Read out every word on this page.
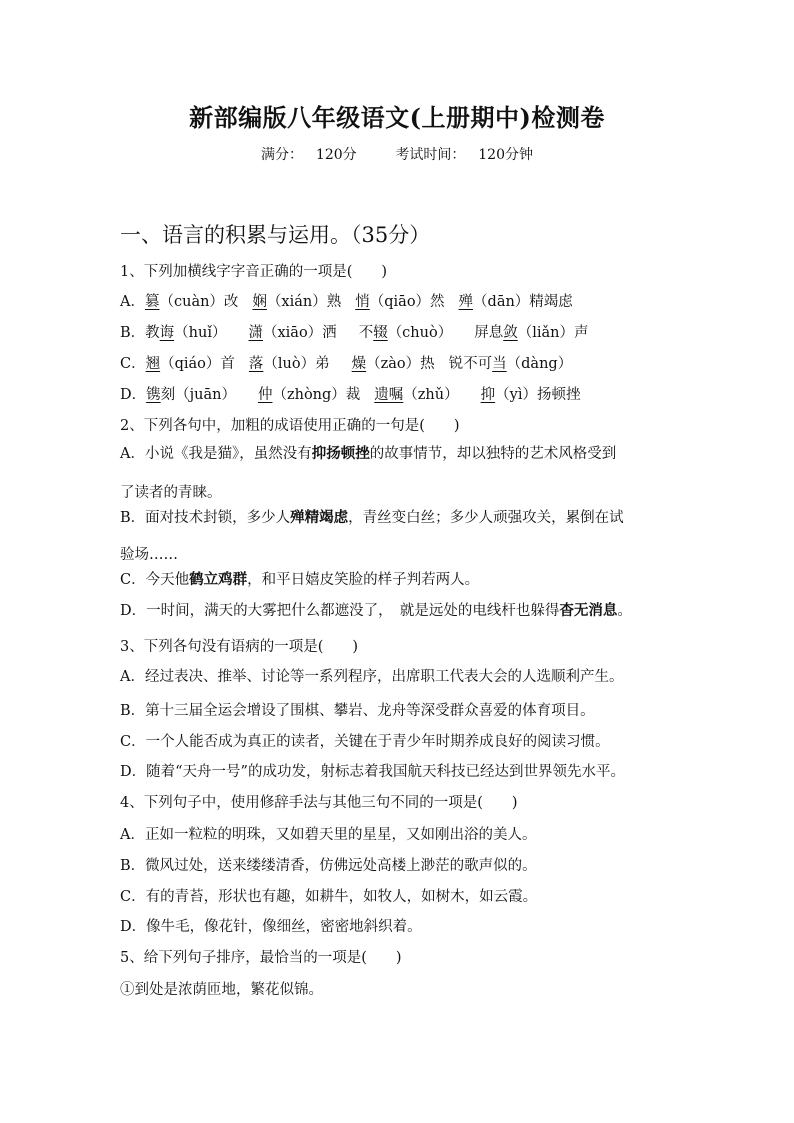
新部编版八年级语文(上册期中)检测卷
满分： 120分	考试时间： 120分钟
一、语言的积累与运用。（35分）
1、下列加横线字字音正确的一项是(　　)
A．篡（cuàn）改 娴（xián）熟 悄（qiāo）然 殚（dān）精竭虑
B．教诲（huǐ） 潇（xiāo）洒 不辍（chuò） 屏息敛（liǎn）声
C．翘（qiáo）首 落（luò）弟 燥（zào）热 锐不可当（dàng）
D．镌刻（juān） 仲（zhòng）裁 遗嘱（zhǔ） 抑（yì）扬顿挫
2、下列各句中，加粗的成语使用正确的一句是(　　)
A．小说《我是猫》，虽然没有抑扬顿挫的故事情节，却以独特的艺术风格受到
了读者的青睐。
B．面对技术封锁，多少人殚精竭虑，青丝变白丝；多少人顽强攻关，累倒在试
验场……
C．今天他鹤立鸡群，和平日嬉皮笑脸的样子判若两人。
D．一时间，满天的大雾把什么都遮没了，　就是远处的电线杆也躲得杳无消息。
3、下列各句没有语病的一项是(　　)
A．经过表决、推举、讨论等一系列程序，出席职工代表大会的人选顺利产生。
B．第十三届全运会增设了围棋、攀岩、龙舟等深受群众喜爱的体育项目。
C．一个人能否成为真正的读者，关键在于青少年时期养成良好的阅读习惯。
D．随着“天舟一号”的成功发，射标志着我国航天科技已经达到世界领先水平。
4、下列句子中，使用修辞手法与其他三句不同的一项是(　　)
A．正如一粒粒的明珠，又如碧天里的星星，又如刚出浴的美人。
B．微风过处，送来缕缕清香，仿佛远处高楼上渺茫的歌声似的。
C．有的青苔，形状也有趣，如耕牛，如牧人，如树木，如云霞。
D．像牛毛，像花针，像细丝，密密地斜织着。
5、给下列句子排序，最恰当的一项是(　　)
①到处是浓荫匝地，繁花似锦。
